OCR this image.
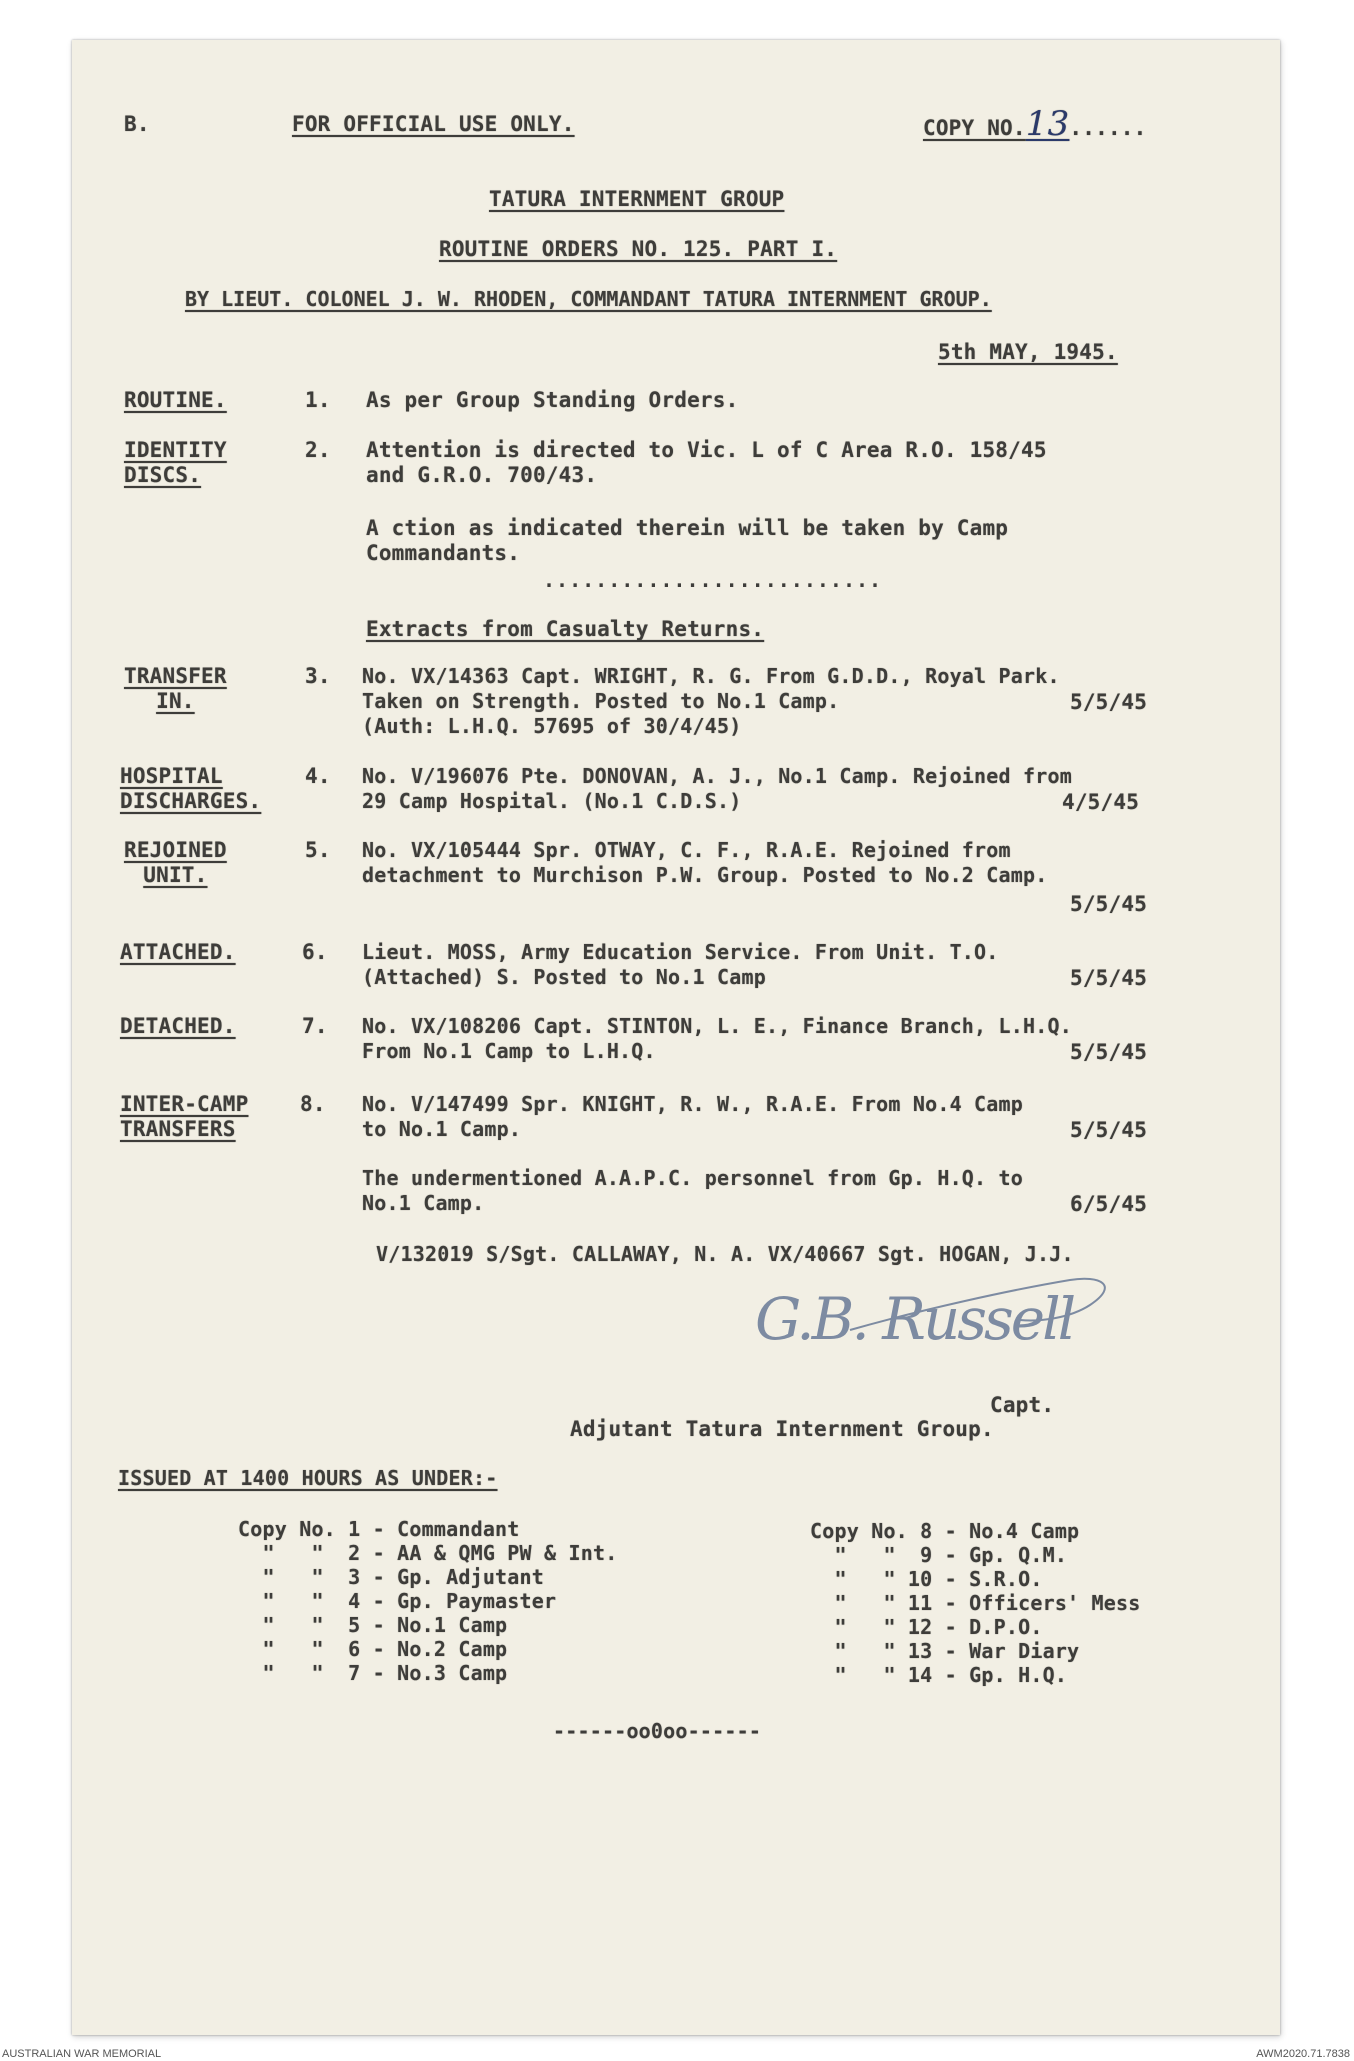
B.	FOR OFFICIAL USE ONLY.	COPY NO.13......
TATURA INTERNMENT GROUP
ROUTINE ORDERS NO. 125. PART I.
BY LIEUT. COLONEL J. W. RHODEN, COMMANDANT TATURA INTERNMENT GROUP.
5th MAY, 1945.
ROUTINE.	1. As per Group Standing Orders.
IDENTITY
DISCS.
2. Attention is directed to Vic. L of C Area R.O. 158/45
and G.R.O. 700/43.
A ction as indicated therein will be taken by Camp
Commandants.
..........................
Extracts from Casualty Returns.
TRANSFER
IN.
3. No. VX/14363 Capt. WRIGHT, R. G. From G.D.D., Royal Park.
Taken on Strength. Posted to No.1 Camp.
(Auth: L.H.Q. 57695 of 30/4/45)
5/5/45
HOSPITAL
DISCHARGES.
4. No. V/196076 Pte. DONOVAN, A. J., No.1 Camp. Rejoined from
29 Camp Hospital. (No.1 C.D.S.)	4/5/45
REJOINED
UNIT.
5. No. VX/105444 Spr. OTWAY, C. F., R.A.E. Rejoined from
detachment to Murchison P.W. Group. Posted to No.2 Camp.
5/5/45
ATTACHED.	6. Lieut. MOSS, Army Education Service. From Unit. T.O.
(Attached) S. Posted to No.1 Camp	5/5/45
DETACHED.	7. No. VX/108206 Capt. STINTON, L. E., Finance Branch, L.H.Q.
From No.1 Camp to L.H.Q.	5/5/45
INTER-CAMP
TRANSFERS
8. No. V/147499 Spr. KNIGHT, R. W., R.A.E. From No.4 Camp
to No.1 Camp.	5/5/45
The undermentioned A.A.P.C. personnel from Gp. H.Q. to
No.1 Camp.	6/5/45
V/132019 S/Sgt. CALLAWAY, N. A. VX/40667 Sgt. HOGAN, J.J.
G.B. Russell
Capt.
Adjutant Tatura Internment Group.
ISSUED AT 1400 HOURS AS UNDER:-
Copy No. 1 - Commandant
"   "  2 - AA & QMG PW & Int.
"   "  3 - Gp. Adjutant
"   "  4 - Gp. Paymaster
"   "  5 - No.1 Camp
"   "  6 - No.2 Camp
"   "  7 - No.3 Camp
Copy No. 8 - No.4 Camp
"   "  9 - Gp. Q.M.
"   " 10 - S.R.O.
"   " 11 - Officers' Mess
"   " 12 - D.P.O.
"   " 13 - War Diary
"   " 14 - Gp. H.Q.
------oo0oo------
AUSTRALIAN WAR MEMORIAL	AWM2020.71.7838
